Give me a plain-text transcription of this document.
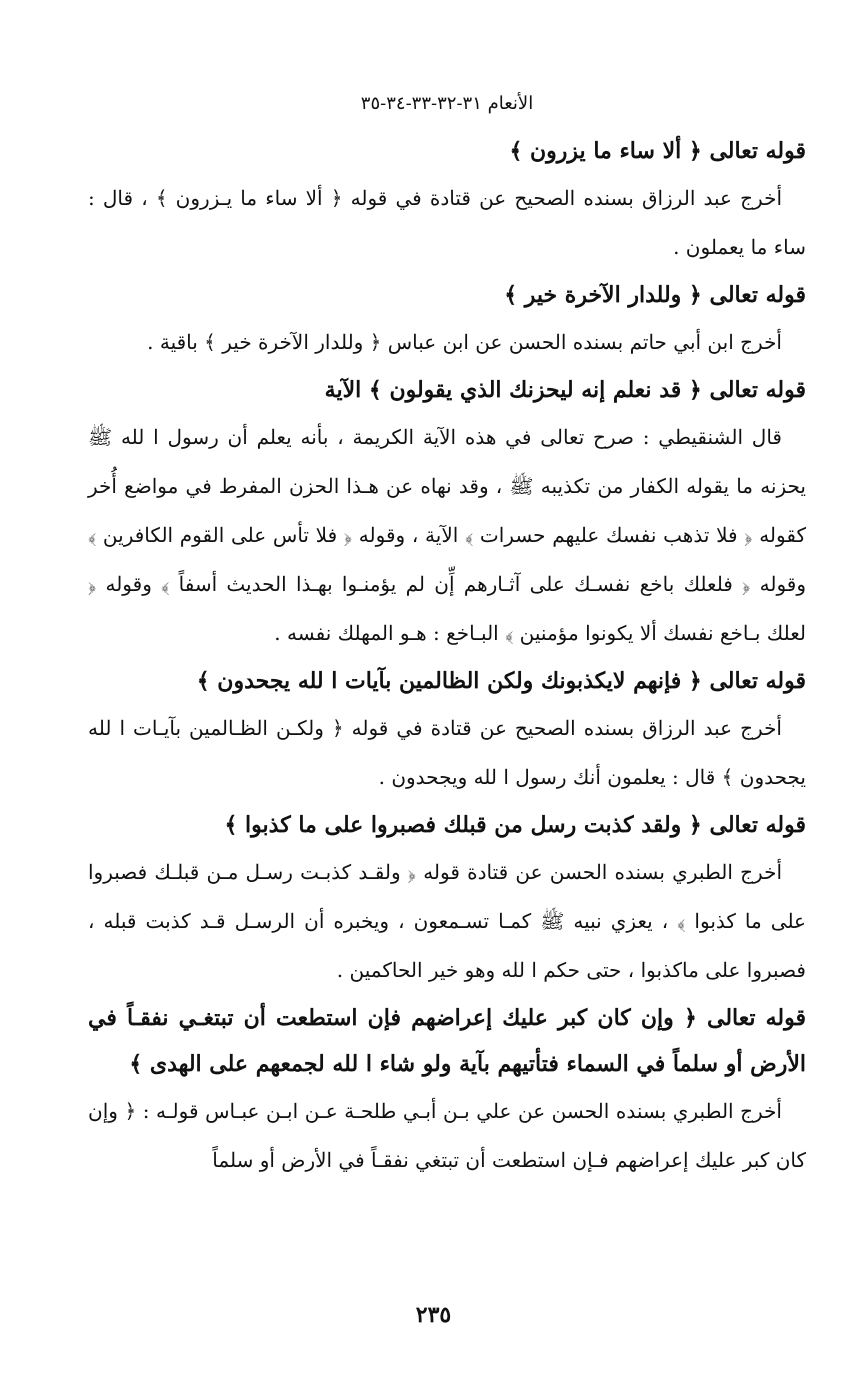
الأنعام ٣١-٣٢-٣٣-٣٤-٣٥

قوله تعالى ﴿ ألا ساء ما يزرون ﴾

أخرج عبد الرزاق بسنده الصحيح عن قتادة في قوله ﴿ ألا ساء ما يـزرون ﴾ ، قال : ساء ما يعملون .

قوله تعالى ﴿ وللدار الآخرة خير ﴾

أخرج ابن أبي حاتم بسنده الحسن عن ابن عباس ﴿ وللدار الآخرة خير ﴾ باقية .

قوله تعالى ﴿ قد نعلم إنه ليحزنك الذي يقولون ﴾ الآية

قال الشنقيطي : صرح تعالى في هذه الآية الكريمة ، بأنه يعلم أن رسول ا لله ﷺ يحزنه ما يقوله الكفار من تكذيبه ﷺ ، وقد نهاه عن هـذا الحزن المفرط في مواضع أُخر كقوله ﴿ فلا تذهب نفسك عليهم حسرات ﴾ الآية ، وقوله ﴿ فلا تأس على القوم الكافرين ﴾ وقوله ﴿ فلعلك باخع نفسـك على آثـارهم إِّن لم يؤمنـوا بهـذا الحديث أسفاً ﴾ وقوله ﴿ لعلك بـاخع نفسك ألا يكونوا مؤمنين ﴾ البـاخع : هـو المهلك نفسه .

قوله تعالى ﴿ فإنهم لايكذبونك ولكن الظالمين بآيات ا لله يجحدون ﴾

أخرج عبد الرزاق بسنده الصحيح عن قتادة في قوله ﴿ ولكـن الظـالمين بآيـات ا لله يجحدون ﴾ قال : يعلمون أنك رسول ا لله ويجحدون .

قوله تعالى ﴿ ولقد كذبت رسل من قبلك فصبروا على ما كذبوا ﴾

أخرج الطبري بسنده الحسن عن قتادة قوله ﴿ ولقـد كذبـت رسـل مـن قبلـك فصبروا على ما كذبوا ﴾ ، يعزي نبيه ﷺ كمـا تسـمعون ، ويخبره أن الرسـل قـد كذبت قبله ، فصبروا على ماكذبوا ، حتى حكم ا لله وهو خير الحاكمين .

قوله تعالى ﴿ وإن كان كبر عليك إعراضهم فإن استطعت أن تبتغـي نفقـاً في الأرض أو سلماً في السماء فتأتيهم بآية ولو شاء ا لله لجمعهم على الهدى ﴾

أخرج الطبري بسنده الحسن عن علي بـن أبـي طلحـة عـن ابـن عبـاس قولـه : ﴿ وإن كان كبر عليك إعراضهم فـإن استطعت أن تبتغي نفقـاً في الأرض أو سلماً

٢٣٥
